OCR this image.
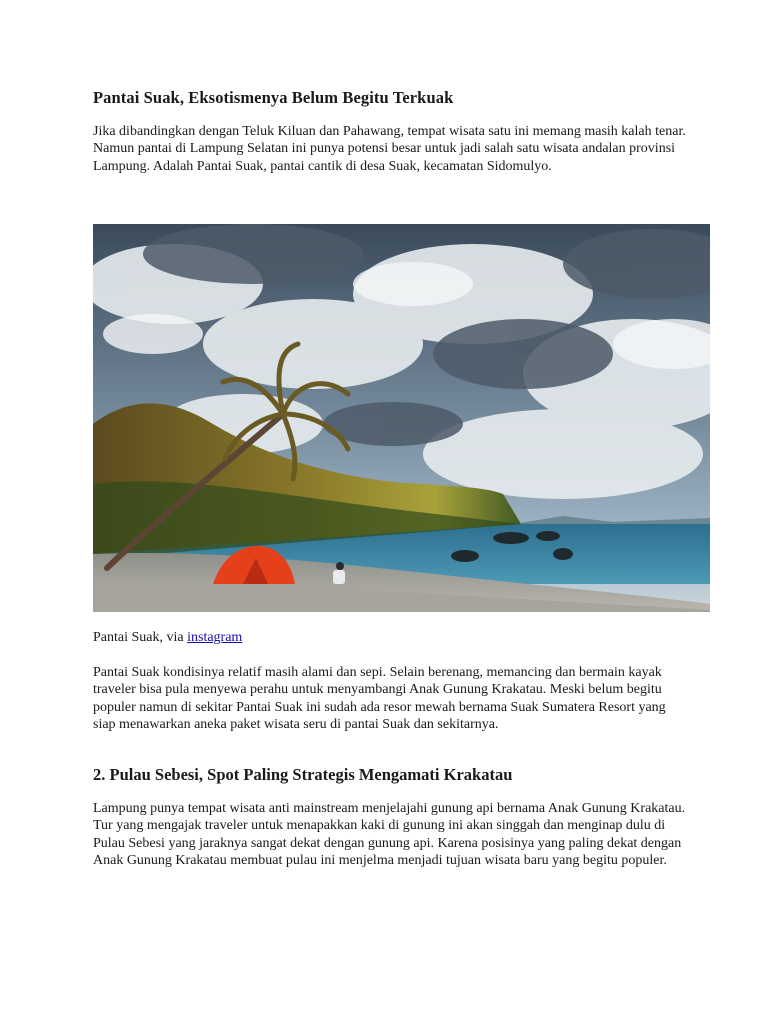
Pantai Suak, Eksotismenya Belum Begitu Terkuak
Jika dibandingkan dengan Teluk Kiluan dan Pahawang, tempat wisata satu ini memang masih kalah tenar. Namun pantai di Lampung Selatan ini punya potensi besar untuk jadi salah satu wisata andalan provinsi Lampung. Adalah Pantai Suak, pantai cantik di desa Suak, kecamatan Sidomulyo.
Pantai Suak, via instagram
Pantai Suak kondisinya relatif masih alami dan sepi. Selain berenang, memancing dan bermain kayak traveler bisa pula menyewa perahu untuk menyambangi Anak Gunung Krakatau. Meski belum begitu populer namun di sekitar Pantai Suak ini sudah ada resor mewah bernama Suak Sumatera Resort yang siap menawarkan aneka paket wisata seru di pantai Suak dan sekitarnya.
2. Pulau Sebesi, Spot Paling Strategis Mengamati Krakatau
Lampung punya tempat wisata anti mainstream menjelajahi gunung api bernama Anak Gunung Krakatau. Tur yang mengajak traveler untuk menapakkan kaki di gunung ini akan singgah dan menginap dulu di Pulau Sebesi yang jaraknya sangat dekat dengan gunung api. Karena posisinya yang paling dekat dengan Anak Gunung Krakatau membuat pulau ini menjelma menjadi tujuan wisata baru yang begitu populer.
